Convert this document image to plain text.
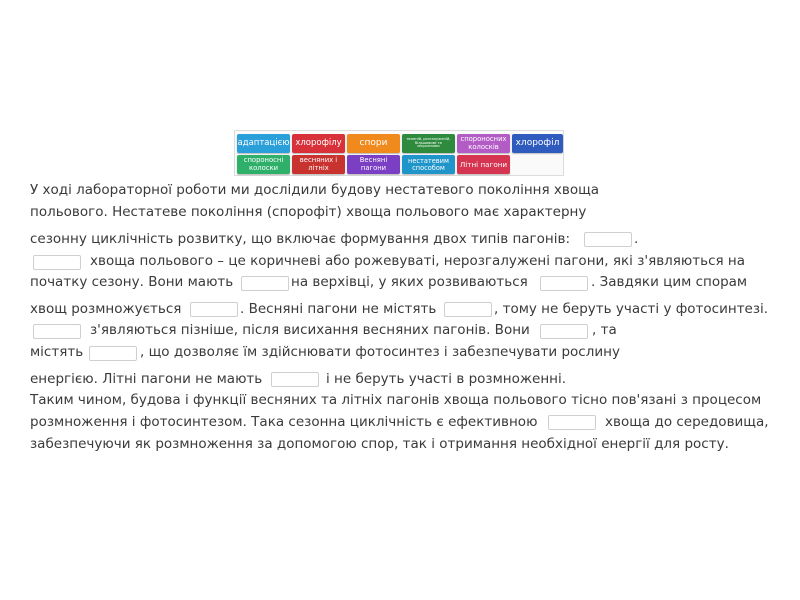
адаптацією хлорофілу спори	зеленій, розгалуженій, більшовимі та мікроплями
спороносних колосків	хлорофіл
спороносні колоски
весняних і літніх
Весняні пагони
нестатевим способом	Літні пагони
У ході лабораторної роботи ми дослідили будову нестатевого покоління хвоща
польового. Нестатеве покоління (спорофіт) хвоща польового має характерну
сезонну циклічність розвитку, що включає формування двох типів пагонів:	.
хвоща польового – це коричневі або рожевуваті, нерозгалужені пагони, які з'являються на
початку сезону. Вони мають	на верхівці, у яких розвиваються	. Завдяки цим спорам
хвощ розмножується	. Весняні пагони не містять	, тому не беруть участі у фотосинтезі.
з'являються пізніше, після висихання весняних пагонів. Вони	, та
містять	, що дозволяє їм здійснювати фотосинтез і забезпечувати рослину
енергією. Літні пагони не мають	і не беруть участі в розмноженні.
Таким чином, будова і функції весняних та літніх пагонів хвоща польового тісно пов'язані з процесом
розмноження і фотосинтезом. Така сезонна циклічність є ефективною	хвоща до середовища,
забезпечуючи як розмноження за допомогою спор, так і отримання необхідної енергії для росту.
